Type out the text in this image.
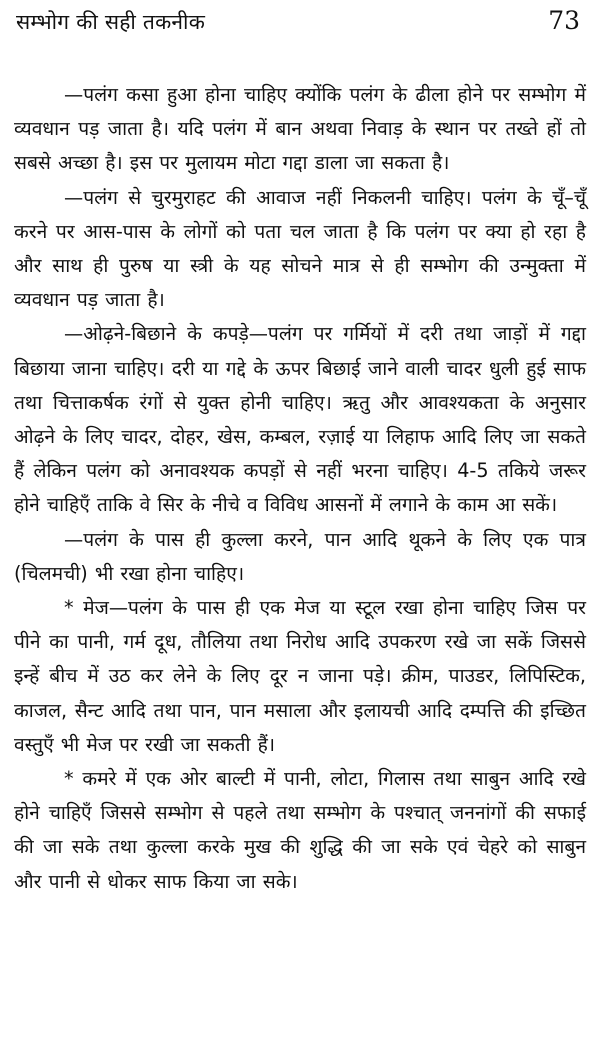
सम्भोग की सही तकनीक	73

—पलंग कसा हुआ होना चाहिए क्योंकि पलंग के ढीला होने पर सम्भोग में व्यवधान पड़ जाता है। यदि पलंग में बान अथवा निवाड़ के स्थान पर तख्ते हों तो सबसे अच्छा है। इस पर मुलायम मोटा गद्दा डाला जा सकता है।

—पलंग से चुरमुराहट की आवाज नहीं निकलनी चाहिए। पलंग के चूँ–चूँ करने पर आस-पास के लोगों को पता चल जाता है कि पलंग पर क्या हो रहा है और साथ ही पुरुष या स्त्री के यह सोचने मात्र से ही सम्भोग की उन्मुक्ता में व्यवधान पड़ जाता है।

—ओढ़ने-बिछाने के कपड़े—पलंग पर गर्मियों में दरी तथा जाड़ों में गद्दा बिछाया जाना चाहिए। दरी या गद्दे के ऊपर बिछाई जाने वाली चादर धुली हुई साफ तथा चित्ताकर्षक रंगों से युक्त होनी चाहिए। ऋतु और आवश्यकता के अनुसार ओढ़ने के लिए चादर, दोहर, खेस, कम्बल, रज़ाई या लिहाफ आदि लिए जा सकते हैं लेकिन पलंग को अनावश्यक कपड़ों से नहीं भरना चाहिए। 4-5 तकिये जरूर होने चाहिएँ ताकि वे सिर के नीचे व विविध आसनों में लगाने के काम आ सकें।

—पलंग के पास ही कुल्ला करने, पान आदि थूकने के लिए एक पात्र (चिलमची) भी रखा होना चाहिए।

* मेज—पलंग के पास ही एक मेज या स्टूल रखा होना चाहिए जिस पर पीने का पानी, गर्म दूध, तौलिया तथा निरोध आदि उपकरण रखे जा सकें जिससे इन्हें बीच में उठ कर लेने के लिए दूर न जाना पड़े। क्रीम, पाउडर, लिपिस्टिक, काजल, सैन्ट आदि तथा पान, पान मसाला और इलायची आदि दम्पत्ति की इच्छित वस्तुएँ भी मेज पर रखी जा सकती हैं।

* कमरे में एक ओर बाल्टी में पानी, लोटा, गिलास तथा साबुन आदि रखे होने चाहिएँ जिससे सम्भोग से पहले तथा सम्भोग के पश्चात् जननांगों की सफाई की जा सके तथा कुल्ला करके मुख की शुद्धि की जा सके एवं चेहरे को साबुन और पानी से धोकर साफ किया जा सके।
